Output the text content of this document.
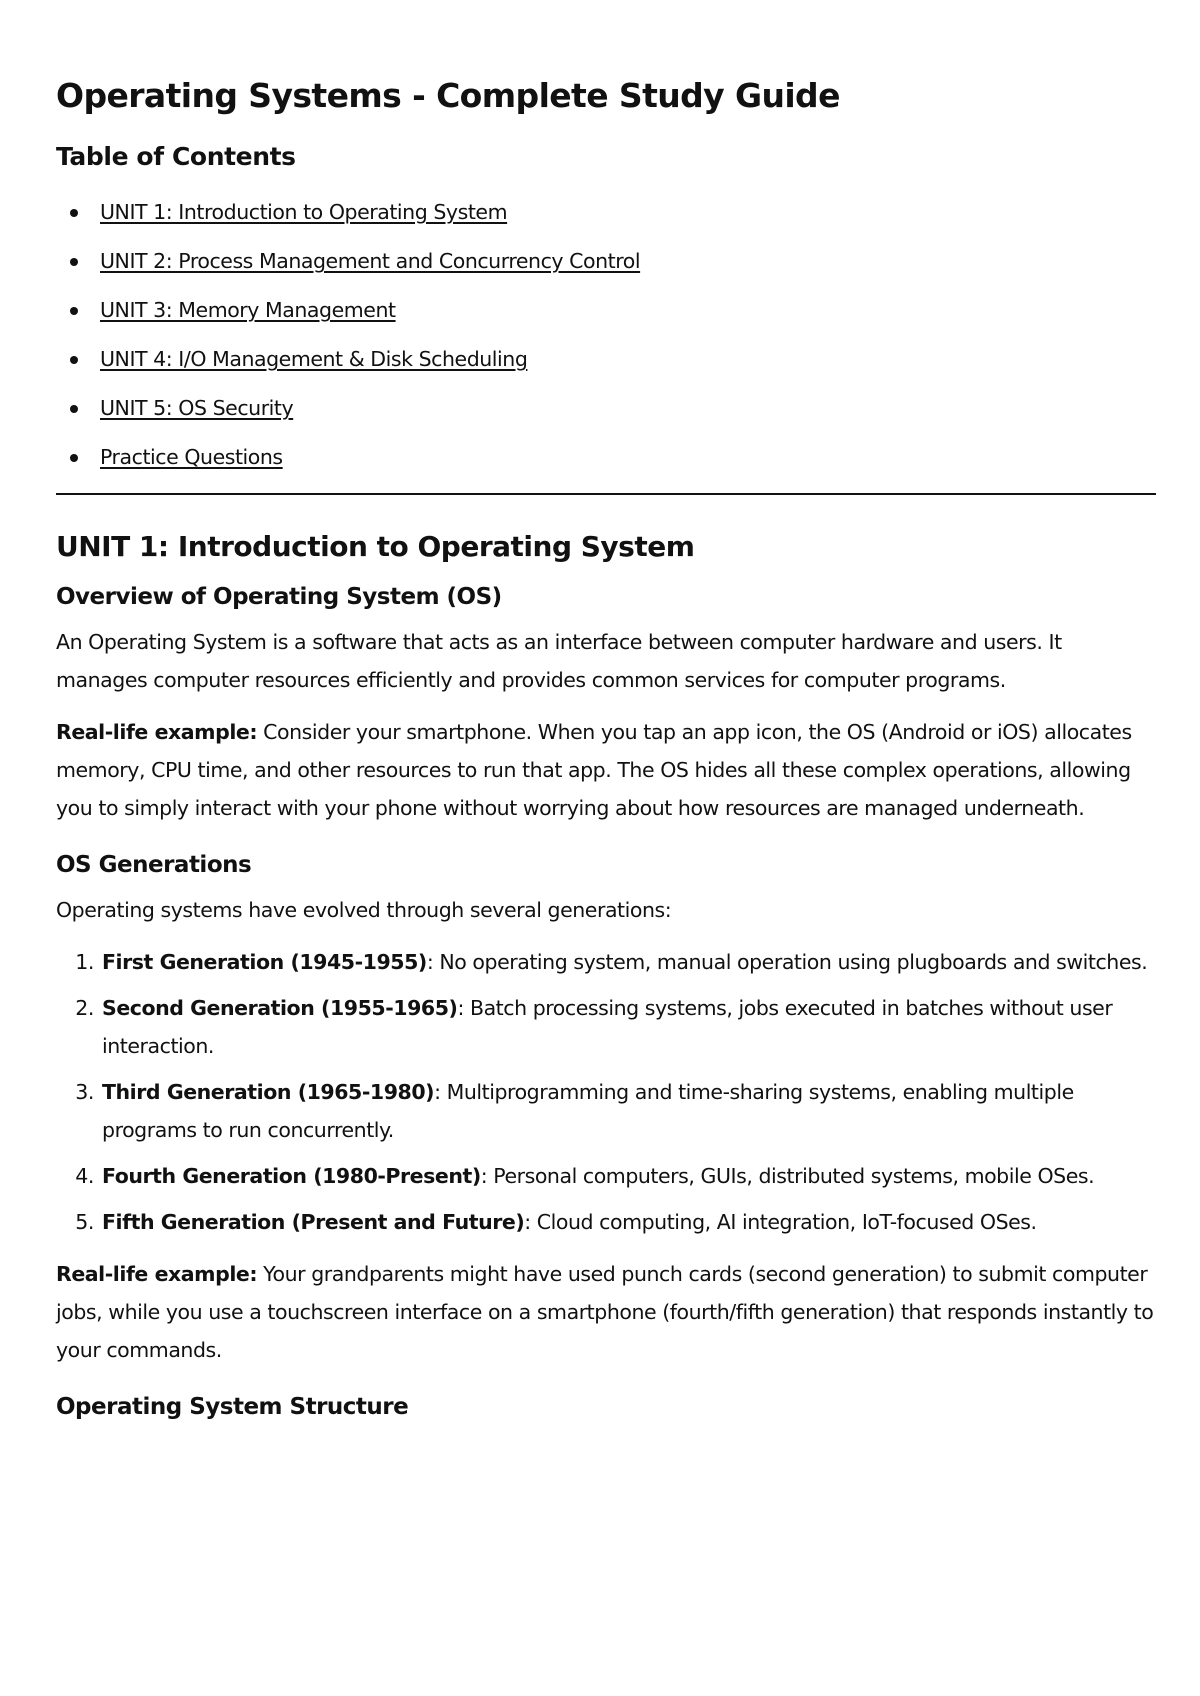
Operating Systems - Complete Study Guide
Table of Contents
UNIT 1: Introduction to Operating System
UNIT 2: Process Management and Concurrency Control
UNIT 3: Memory Management
UNIT 4: I/O Management & Disk Scheduling
UNIT 5: OS Security
Practice Questions
UNIT 1: Introduction to Operating System
Overview of Operating System (OS)

An Operating System is a software that acts as an interface between computer hardware and users. It manages computer resources efficiently and provides common services for computer programs.

Real-life example: Consider your smartphone. When you tap an app icon, the OS (Android or iOS) allocates memory, CPU time, and other resources to run that app. The OS hides all these complex operations, allowing you to simply interact with your phone without worrying about how resources are managed underneath.

OS Generations

Operating systems have evolved through several generations:

1. First Generation (1945-1955): No operating system, manual operation using plugboards and switches.
2. Second Generation (1955-1965): Batch processing systems, jobs executed in batches without user interaction.
3. Third Generation (1965-1980): Multiprogramming and time-sharing systems, enabling multiple programs to run concurrently.
4. Fourth Generation (1980-Present): Personal computers, GUIs, distributed systems, mobile OSes.
5. Fifth Generation (Present and Future): Cloud computing, AI integration, IoT-focused OSes.

Real-life example: Your grandparents might have used punch cards (second generation) to submit computer jobs, while you use a touchscreen interface on a smartphone (fourth/fifth generation) that responds instantly to your commands.

Operating System Structure
